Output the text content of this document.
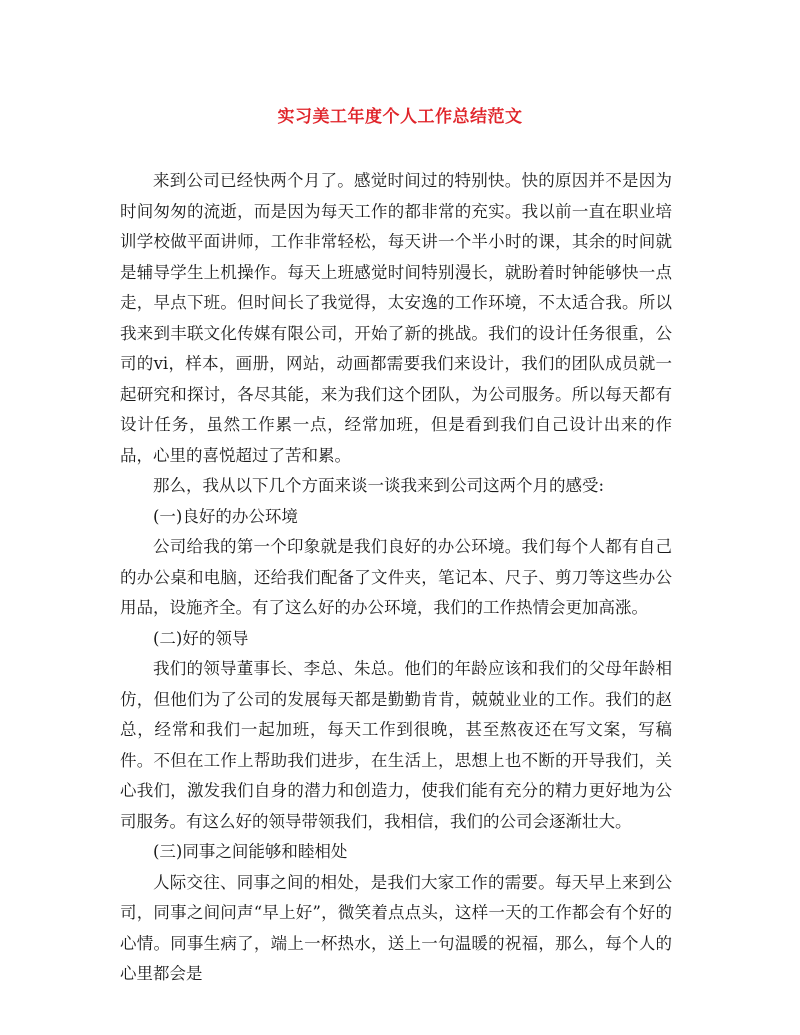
实习美工年度个人工作总结范文

来到公司已经快两个月了。感觉时间过的特别快。快的原因并不是因为时间匆匆的流逝，而是因为每天工作的都非常的充实。我以前一直在职业培训学校做平面讲师，工作非常轻松，每天讲一个半小时的课，其余的时间就是辅导学生上机操作。每天上班感觉时间特别漫长，就盼着时钟能够快一点走，早点下班。但时间长了我觉得，太安逸的工作环境，不太适合我。所以我来到丰联文化传媒有限公司，开始了新的挑战。我们的设计任务很重，公司的vi，样本，画册，网站，动画都需要我们来设计，我们的团队成员就一起研究和探讨，各尽其能，来为我们这个团队，为公司服务。所以每天都有设计任务，虽然工作累一点，经常加班，但是看到我们自己设计出来的作品，心里的喜悦超过了苦和累。

那么，我从以下几个方面来谈一谈我来到公司这两个月的感受:

(一)良好的办公环境

公司给我的第一个印象就是我们良好的办公环境。我们每个人都有自己的办公桌和电脑，还给我们配备了文件夹，笔记本、尺子、剪刀等这些办公用品，设施齐全。有了这么好的办公环境，我们的工作热情会更加高涨。

(二)好的领导

我们的领导董事长、李总、朱总。他们的年龄应该和我们的父母年龄相仿，但他们为了公司的发展每天都是勤勤肯肯，兢兢业业的工作。我们的赵总，经常和我们一起加班，每天工作到很晚，甚至熬夜还在写文案，写稿件。不但在工作上帮助我们进步，在生活上，思想上也不断的开导我们，关心我们，激发我们自身的潜力和创造力，使我们能有充分的精力更好地为公司服务。有这么好的领导带领我们，我相信，我们的公司会逐渐壮大。

(三)同事之间能够和睦相处

人际交往、同事之间的相处，是我们大家工作的需要。每天早上来到公司，同事之间问声“早上好”，微笑着点点头，这样一天的工作都会有个好的心情。同事生病了，端上一杯热水，送上一句温暖的祝福，那么，每个人的心里都会是
